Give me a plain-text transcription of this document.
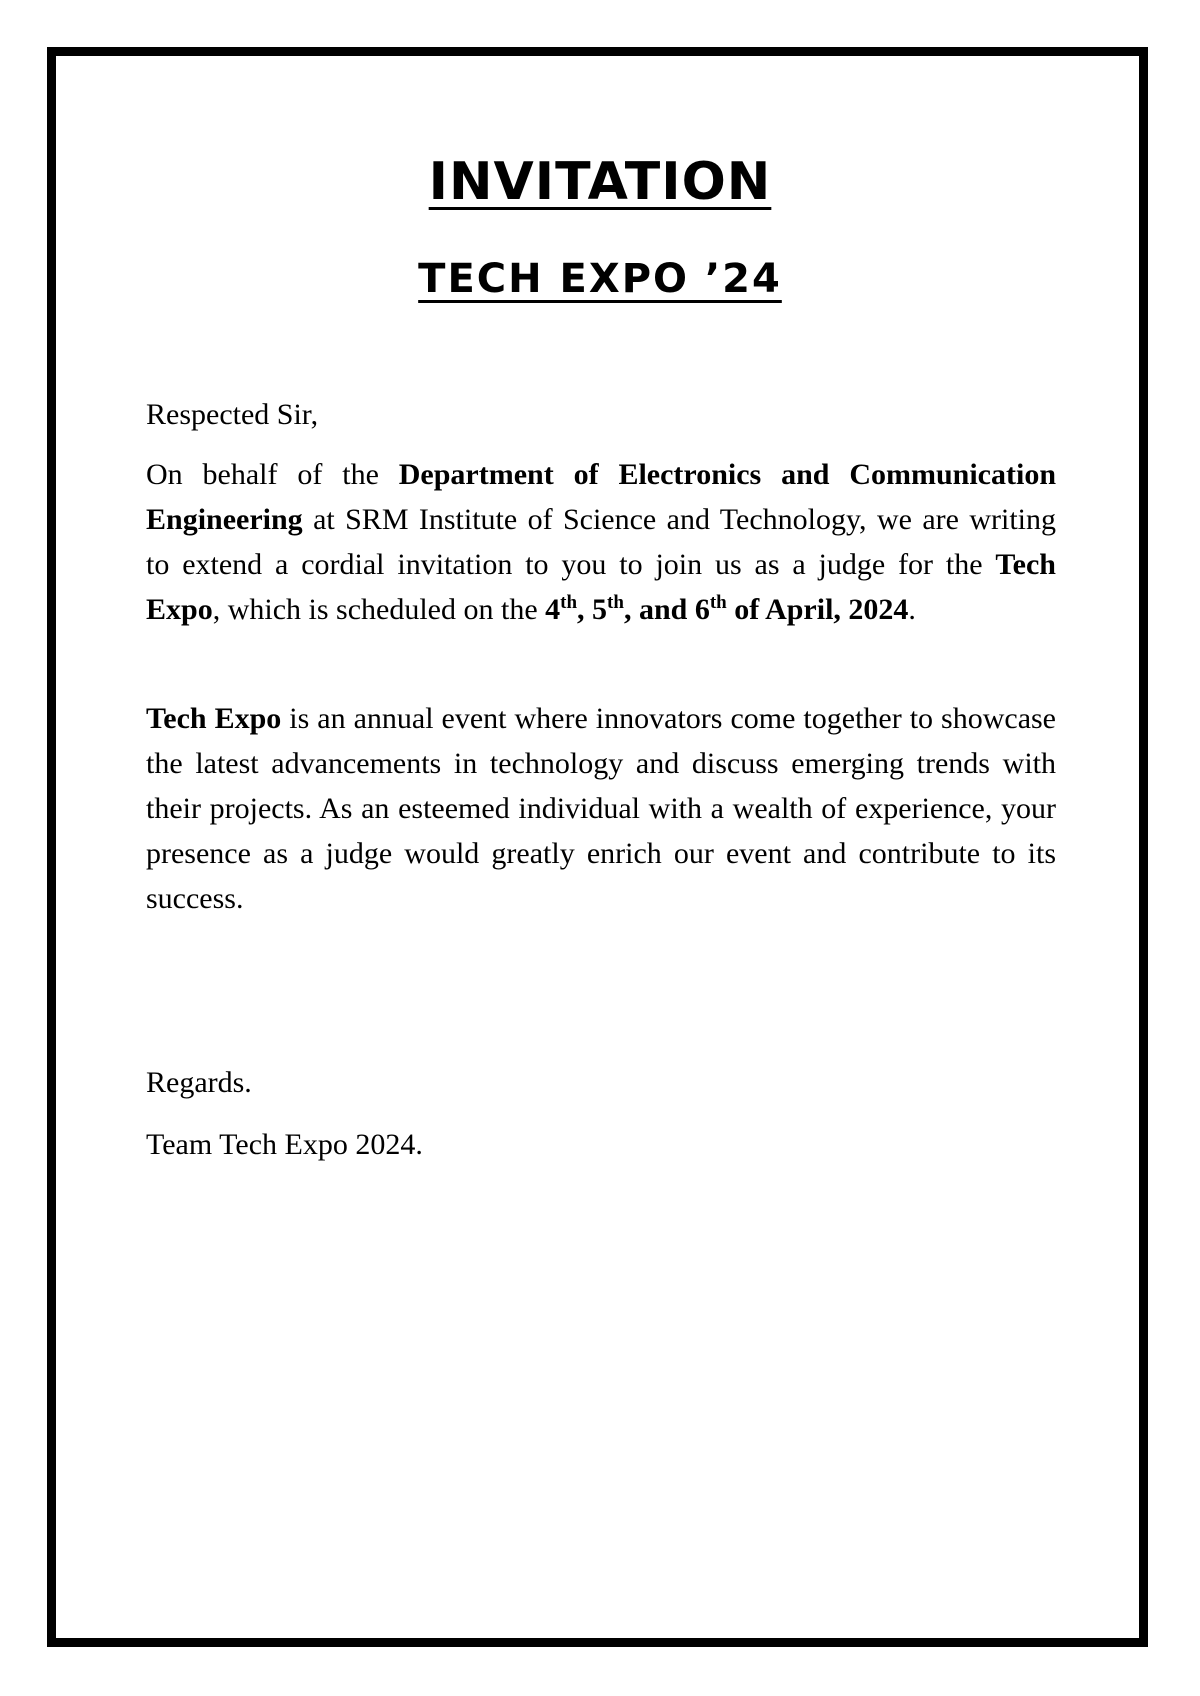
INVITATION
TECH EXPO ’24

Respected Sir,

On behalf of the Department of Electronics and Communication Engineering at SRM Institute of Science and Technology, we are writing to extend a cordial invitation to you to join us as a judge for the Tech Expo, which is scheduled on the 4th, 5th, and 6th of April, 2024.

Tech Expo is an annual event where innovators come together to showcase the latest advancements in technology and discuss emerging trends with their projects. As an esteemed individual with a wealth of experience, your presence as a judge would greatly enrich our event and contribute to its success.

Regards.

Team Tech Expo 2024.
